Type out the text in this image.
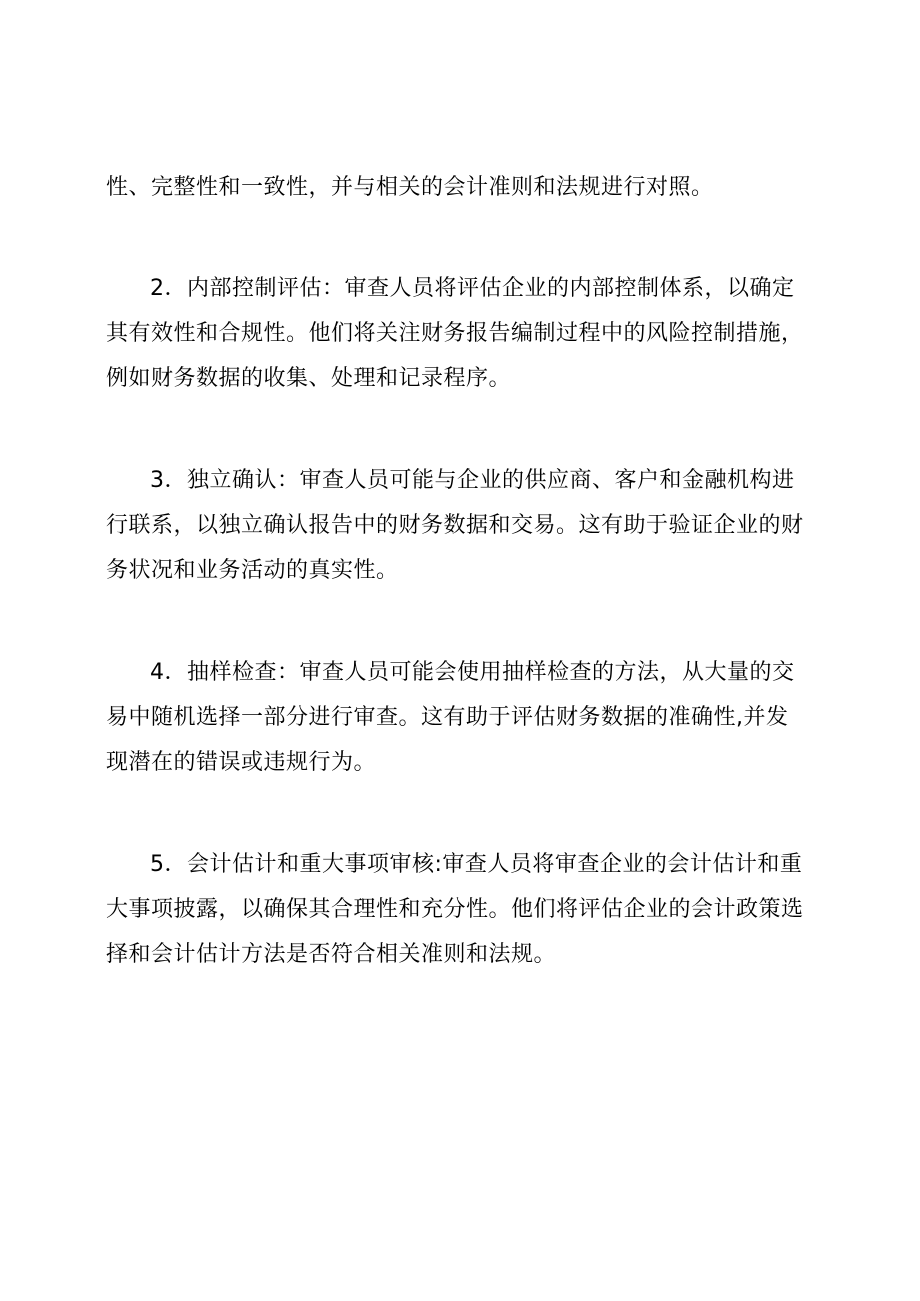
性、完整性和一致性，并与相关的会计准则和法规进行对照。

2．内部控制评估：审查人员将评估企业的内部控制体系，以确定
其有效性和合规性。他们将关注财务报告编制过程中的风险控制措施，
例如财务数据的收集、处理和记录程序。

3．独立确认：审查人员可能与企业的供应商、客户和金融机构进
行联系，以独立确认报告中的财务数据和交易。这有助于验证企业的财
务状况和业务活动的真实性。

4．抽样检查：审查人员可能会使用抽样检查的方法，从大量的交
易中随机选择一部分进行审查。这有助于评估财务数据的准确性,并发
现潜在的错误或违规行为。

5．会计估计和重大事项审核:审查人员将审查企业的会计估计和重
大事项披露，以确保其合理性和充分性。他们将评估企业的会计政策选
择和会计估计方法是否符合相关准则和法规。
